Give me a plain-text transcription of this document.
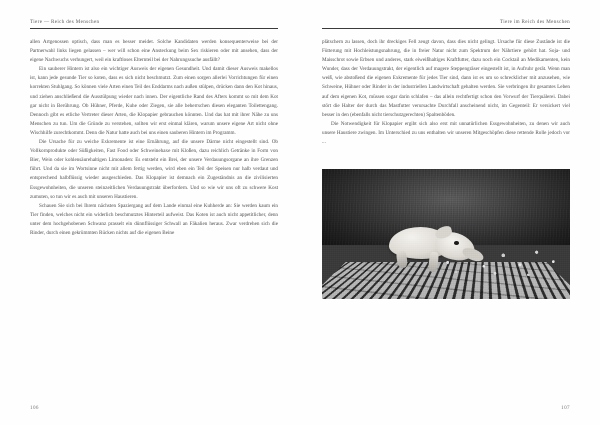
Tiere — Reich des Menschen

allen Artgenossen optisch, dass man es besser meidet. Solche Kandidaten werden konsequenterweise bei der Partnerwahl links liegen gelassen – wer will schon eine Ansteckung beim Sex riskieren oder mit ansehen, dass der eigene Nachwuchs verhungert, weil ein kraftloses Elternteil bei der Nahrungssuche ausfällt?

Ein sauberer Hintern ist also ein wichtiger Ausweis der eigenen Gesundheit. Und damit dieser Ausweis makellos ist, kann jede gesunde Tier so koten, dass es sich nicht beschmutzt. Zum einen sorgen allerlei Vorrichtungen für einen korrekten Stuhlgang. So können viele Arten einen Teil des Enddarms nach außen stülpen, drücken dann den Kot hinaus, und ziehen anschließend die Ausstülpung wieder nach innen. Der eigentliche Rand des Afters kommt so mit dem Kot gar nicht in Berührung. Ob Hühner, Pferde, Kuhe oder Ziegen, sie alle beherrschen diesen eleganten Toilettengang. Dennoch gibt es etliche Vertreter dieser Arten, die Klopapier gebrauchen könnten. Und das hat mit ihrer Nähe zu uns Menschen zu tun. Um die Gründe zu verstehen, sollten wir erst einmal klären, warum unsere eigene Art nicht ohne Wischhilfe zurechtkommt. Denn die Natur hatte auch bei uns einen sauberen Hintern im Programm.

Die Ursache für zu weiche Exkremente ist eine Ernährung, auf die unsere Därme nicht eingestellt sind. Ob Vollkornprodukte oder Süßigkeiten, Fast Food oder Schweinehaxe mit Kloßen, dazu reichlich Getränke in Form von Bier, Wein oder kohlensäurehaltigen Limonaden: Es entsteht ein Brei, der unsere Verdauungsorgane an ihre Grenzen führt. Und da sie im Wortsinne nicht mit allem fertig werden, wird eben ein Teil der Speisen nur halb verdaut und entsprechend halbflüssig wieder ausgeschieden. Das Klopapier ist demnach ein Zugeständnis an die zivilisierten Essgewohnheiten, die unseren steinzeitlichen Verdauungstrakt überfordern. Und so wie wir uns oft zu schwere Kost zumuten, so tun wir es auch mit unseren Haustieren.

Schauen Sie sich bei Ihrem nächsten Spaziergang auf dem Lande einmal eine Kuhherde an: Sie werden kaum ein Tier finden, welches nicht ein widerlich beschmutztes Hinterteil aufweist. Das Koten ist auch nicht appetitlicher, denn unter dem hochgehobenen Schwanz prasselt ein dünnflüssiger Schwall an Fäkalien heraus. Zwar verdrehen sich die Rinder, durch einen gekrümmten Rücken nichts auf die eigenen Beine

106
Tiere im Reich des Menschen

plätschern zu lassen, doch ihr dreckiges Fell zeugt davon, dass dies nicht gelingt. Ursache für diese Zustände ist die Fütterung mit Hochleistungsnahrung, die in freier Natur nicht zum Spektrum der Nährtiere gehört hat. Soja- und Maisschrot sowie Erbsen und anderes, stark eiweißhaltiges Kraftfutter, dazu noch ein Cocktail an Medikamenten, kein Wunder, dass der Verdauungstrakt, der eigentlich auf magere Steppengräser eingestellt ist, in Aufruhr gerät. Wenn man weiß, wie abstoßend die eigenen Exkremente für jedes Tier sind, dann ist es um so schrecklicher mit anzusehen, wie Schweine, Hühner oder Rinder in der industriellen Landwirtschaft gehalten werden. Sie verbringen ihr gesamtes Leben auf dem eigenen Kot, müssen sogar darin schlafen – das allein rechtfertigt schon den Vorwurf der Tierquälerei. Dabei stört die Halter der durch das Mastfutter verursachte Durchfall anscheinend nicht, im Gegenteil: Er versickert viel besser in den (ebenfalls nicht tierschutzgerechten) Spaltenböden.

Die Notwendigkeit für Klopapier ergibt sich also erst mit unnatürlichen Essgewohnheiten, zu denen wir auch unsere Haustiere zwingen. Im Unterschied zu uns enthalten wir unseren Mitgeschöpfen diese rettende Rolle jedoch vor ...

107
